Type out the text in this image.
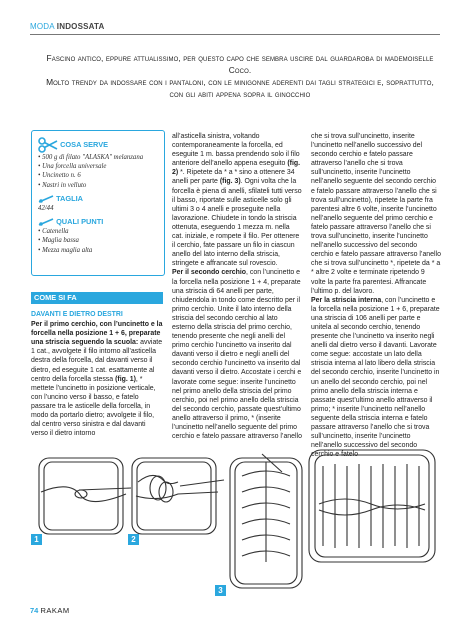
MODA INDOSSATA

Fascino antico, eppure attualissimo, per questo capo che sembra uscire dal guardaroba di mademoiselle Coco.

Molto trendy da indossare con i pantaloni, con le minigonne aderenti dai tagli strategici e, soprattutto, con gli abiti appena sopra il ginocchio

COSA SERVE
• 500 g di filato "ALASKA" melanzana
• Una forcella universale
• Uncinetto n. 6
• Nastri in velluto
TAGLIA
42/44
QUALI PUNTI
• Catenella
• Maglia bassa
• Mezza maglia alta
COME SI FA

DAVANTI E DIETRO DESTRI

Per il primo cerchio, con l’uncinetto e la forcella nella posizione 1 + 6, preparate una striscia seguendo la scuola: avviate 1 cat., avvolgete il filo intorno all’asticella destra della forcella, dal davanti verso il dietro, ed eseguite 1 cat. esattamente al centro della forcella stessa (fig. 1), * mettete l’uncinetto in posizione verticale, con l’uncino verso il basso, e fatelo passare tra le asticelle della forcella, in modo da portarlo dietro; avvolgete il filo, dal centro verso sinistra e dal davanti verso il dietro intorno

all’asticella sinistra, voltando contemporaneamente la forcella, ed eseguite 1 m. bassa prendendo solo il filo anteriore dell’anello appena eseguito (fig. 2) *. Ripetete da * a * sino a ottenere 34 anelli per parte (fig. 3). Ogni volta che la forcella è piena di anelli, sfilateli tutti verso il basso, riportate sulle asticelle solo gli ultimi 3 o 4 anelli e proseguite nella lavorazione. Chiudete in tondo la striscia ottenuta, eseguendo 1 mezza m. nella cat. iniziale, e rompete il filo. Per ottenere il cerchio, fate passare un filo in ciascun anello del lato interno della striscia, stringete e affrancate sul rovescio.

Per il secondo cerchio, con l’uncinetto e la forcella nella posizione 1 + 4, preparate una striscia di 64 anelli per parte, chiudendola in tondo come descritto per il primo cerchio. Unite il lato interno della striscia del secondo cerchio al lato esterno della striscia del primo cerchio, tenendo presente che negli anelli del primo cerchio l’uncinetto va inserito dal davanti verso il dietro e negli anelli del secondo cerchio l’uncinetto va inserito dal davanti verso il dietro. Accostate i cerchi e lavorate come segue: inserite l’uncinetto nel primo anello della striscia del primo cerchio, poi nel primo anello della striscia del secondo cerchio, passate quest’ultimo anello attraverso il primo, * (inserite l’uncinetto nell’anello seguente del primo cerchio e fatelo passare attraverso l’anello

che si trova sull’uncinetto, inserite l’uncinetto nell’anello successivo del secondo cerchio e fatelo passare attraverso l’anello che si trova sull’uncinetto, inserite l’uncinetto nell’anello seguente del secondo cerchio e fatelo passare attraverso l’anello che si trova sull’uncinetto), ripetete la parte fra parentesi altre 6 volte, inserite l’uncinetto nell’anello seguente del primo cerchio e fatelo passare attraverso l’anello che si trova sull’uncinetto, inserite l’uncinetto nell’anello successivo del secondo cerchio e fatelo passare attraverso l’anello che si trova sull’uncinetto *, ripetete da * a * altre 2 volte e terminate ripetendo 9 volte la parte fra parentesi. Affrancate l’ultimo p. del lavoro.

Per la striscia interna, con l’uncinetto e la forcella nella posizione 1 + 6, preparate una striscia di 106 anelli per parte e unitela al secondo cerchio, tenendo presente che l’uncinetto va inserito negli anelli dal dietro verso il davanti. Lavorate come segue: accostate un lato della striscia interna al lato libero della striscia del secondo cerchio, inserite l’uncinetto in un anello del secondo cerchio, poi nel primo anello della striscia interna e passate quest’ultimo anello attraverso il primo; * inserite l’uncinetto nell’anello seguente della striscia interna e fatelo passare attraverso l’anello che si trova sull’uncinetto, inserite l’uncinetto nell’anello successivo del secondo cerchio e fatelo

1	2
3
74 RAKAM
